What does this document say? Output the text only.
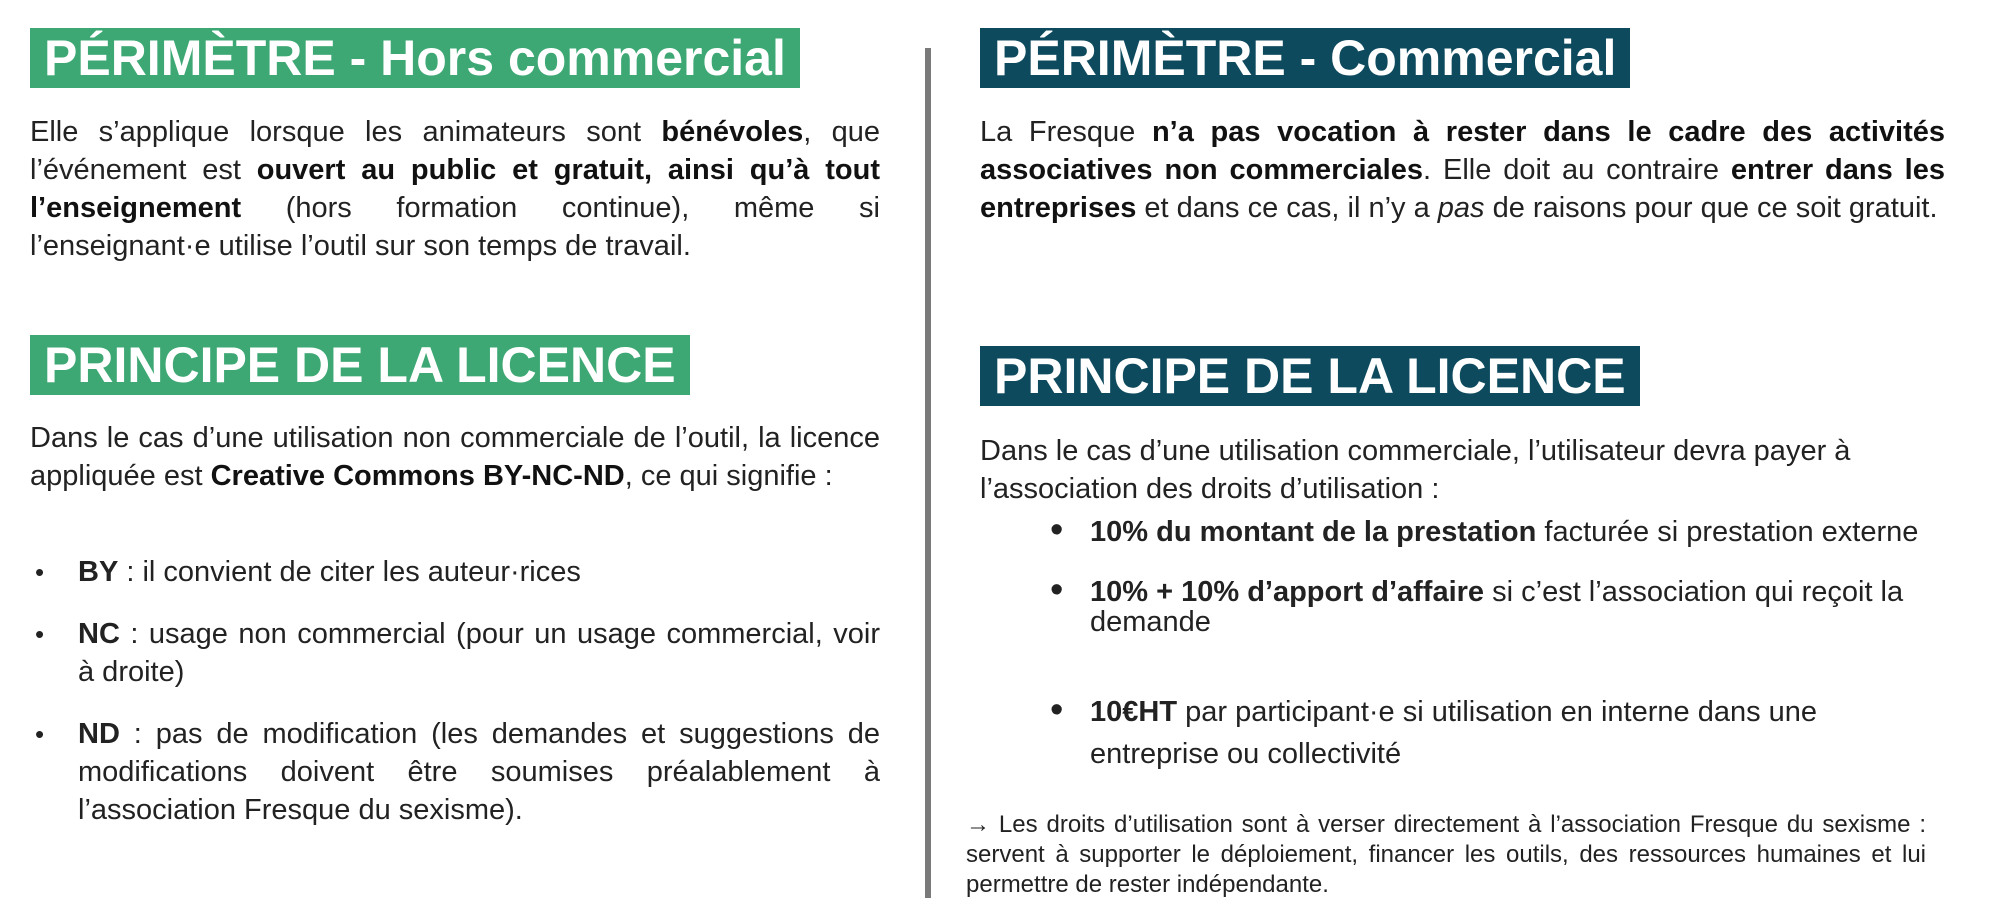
PÉRIMÈTRE - Hors commercial
Elle s’applique lorsque les animateurs sont bénévoles, que l’événement est ouvert au public et gratuit, ainsi qu’à tout l’enseignement (hors formation continue), même si l’enseignant·e utilise l’outil sur son temps de travail.
PRINCIPE DE LA LICENCE
Dans le cas d’une utilisation non commerciale de l’outil, la licence appliquée est Creative Commons BY-NC-ND, ce qui signifie :
• BY : il convient de citer les auteur·rices
• NC : usage non commercial (pour un usage commercial, voir à droite)
• ND : pas de modification (les demandes et suggestions de modifications doivent être soumises préalablement à l’association Fresque du sexisme).
PÉRIMÈTRE - Commercial
La Fresque n’a pas vocation à rester dans le cadre des activités associatives non commerciales. Elle doit au contraire entrer dans les entreprises et dans ce cas, il n’y a pas de raisons pour que ce soit gratuit.
PRINCIPE DE LA LICENCE
Dans le cas d’une utilisation commerciale, l’utilisateur devra payer à l’association des droits d’utilisation :
• 10% du montant de la prestation facturée si prestation externe
• 10% + 10% d’apport d’affaire si c’est l’association qui reçoit la demande
• 10€HT par participant·e si utilisation en interne dans une entreprise ou collectivité
→ Les droits d’utilisation sont à verser directement à l’association Fresque du sexisme : servent à supporter le déploiement, financer les outils, des ressources humaines et lui permettre de rester indépendante.
